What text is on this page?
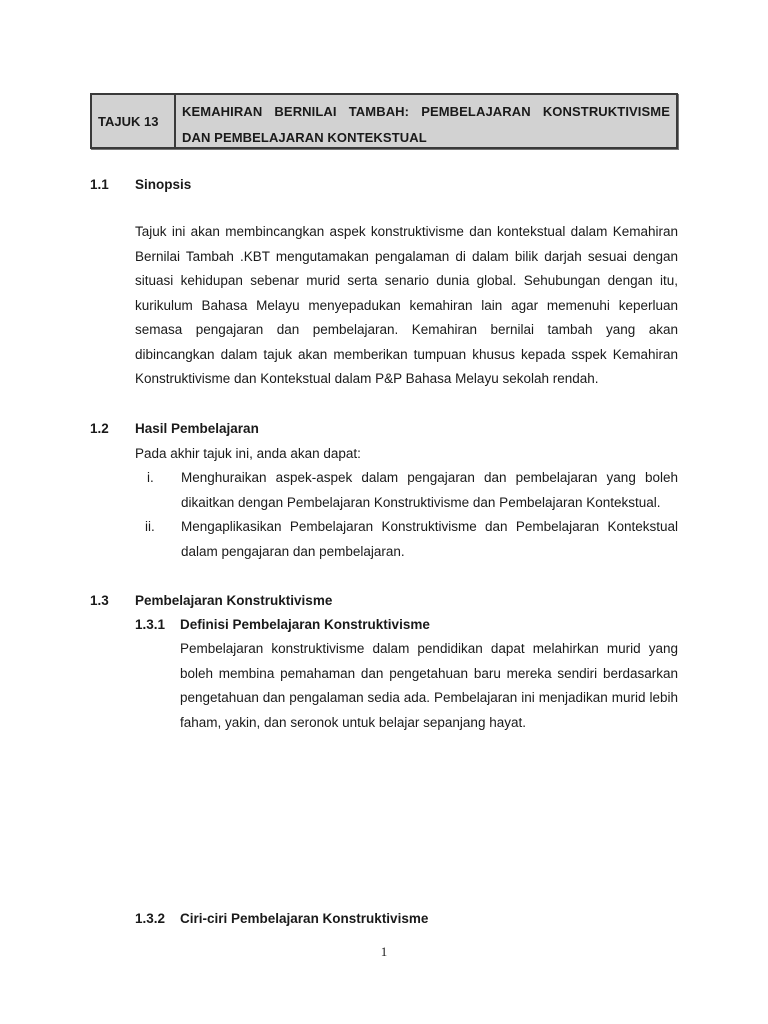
TAJUK 13
KEMAHIRAN BERNILAI TAMBAH: PEMBELAJARAN KONSTRUKTIVISME
DAN PEMBELAJARAN KONTEKSTUAL
1.1 Sinopsis
Tajuk ini akan membincangkan aspek konstruktivisme dan kontekstual dalam Kemahiran Bernilai Tambah .KBT mengutamakan pengalaman di dalam bilik darjah sesuai dengan situasi kehidupan sebenar murid serta senario dunia global. Sehubungan dengan itu, kurikulum Bahasa Melayu menyepadukan kemahiran lain agar memenuhi keperluan semasa pengajaran dan pembelajaran. Kemahiran bernilai tambah yang akan dibincangkan dalam tajuk akan memberikan tumpuan khusus kepada sspek Kemahiran Konstruktivisme dan Kontekstual dalam P&P Bahasa Melayu sekolah rendah.
1.2 Hasil Pembelajaran
Pada akhir tajuk ini, anda akan dapat:
i.	Menghuraikan aspek-aspek dalam pengajaran dan pembelajaran yang boleh dikaitkan dengan Pembelajaran Konstruktivisme dan Pembelajaran Kontekstual.
ii.	Mengaplikasikan Pembelajaran Konstruktivisme dan Pembelajaran Kontekstual dalam pengajaran dan pembelajaran.
1.3 Pembelajaran Konstruktivisme
1.3.1 Definisi Pembelajaran Konstruktivisme
Pembelajaran konstruktivisme dalam pendidikan dapat melahirkan murid yang boleh membina pemahaman dan pengetahuan baru mereka sendiri berdasarkan pengetahuan dan pengalaman sedia ada. Pembelajaran ini menjadikan murid lebih faham, yakin, dan seronok untuk belajar sepanjang hayat.
1.3.2 Ciri-ciri Pembelajaran Konstruktivisme
1
